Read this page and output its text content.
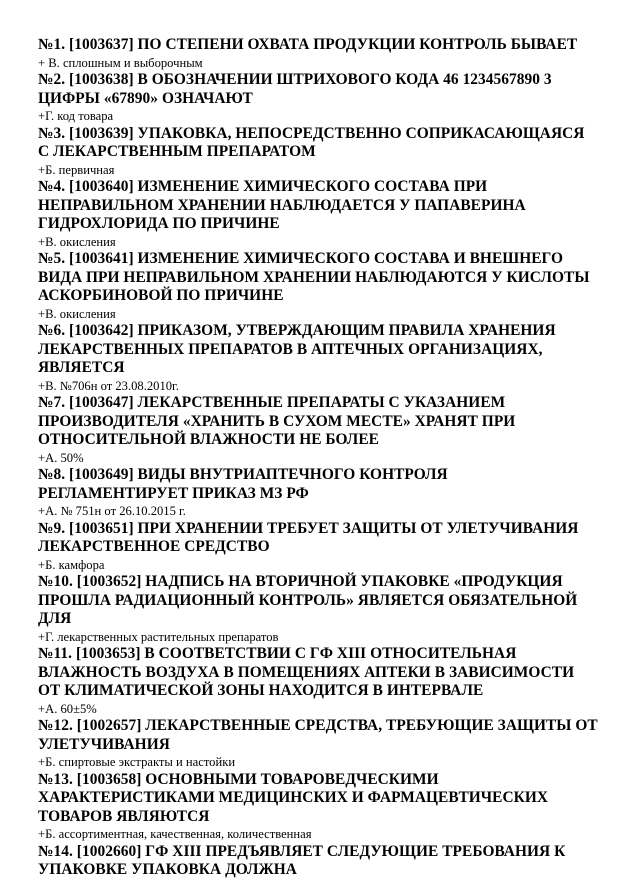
№1. [1003637] ПО СТЕПЕНИ ОХВАТА ПРОДУКЦИИ КОНТРОЛЬ БЫВАЕТ
+ В. сплошным и выборочным
№2. [1003638] В ОБОЗНАЧЕНИИ ШТРИХОВОГО КОДА 46 1234567890 3 ЦИФРЫ «67890» ОЗНАЧАЮТ
+Г. код товара
№3. [1003639] УПАКОВКА, НЕПОСРЕДСТВЕННО СОПРИКАСАЮЩАЯСЯ С ЛЕКАРСТВЕННЫМ ПРЕПАРАТОМ
+Б. первичная
№4. [1003640] ИЗМЕНЕНИЕ ХИМИЧЕСКОГО СОСТАВА ПРИ НЕПРАВИЛЬНОМ ХРАНЕНИИ НАБЛЮДАЕТСЯ У ПАПАВЕРИНА ГИДРОХЛОРИДА ПО ПРИЧИНЕ
+В. окисления
№5. [1003641] ИЗМЕНЕНИЕ ХИМИЧЕСКОГО СОСТАВА И ВНЕШНЕГО ВИДА ПРИ НЕПРАВИЛЬНОМ ХРАНЕНИИ НАБЛЮДАЮТСЯ У КИСЛОТЫ АСКОРБИНОВОЙ ПО ПРИЧИНЕ
+В. окисления
№6. [1003642] ПРИКАЗОМ, УТВЕРЖДАЮЩИМ ПРАВИЛА ХРАНЕНИЯ ЛЕКАРСТВЕННЫХ ПРЕПАРАТОВ В АПТЕЧНЫХ ОРГАНИЗАЦИЯХ, ЯВЛЯЕТСЯ
+В. №706н от 23.08.2010г.
№7. [1003647] ЛЕКАРСТВЕННЫЕ ПРЕПАРАТЫ С УКАЗАНИЕМ ПРОИЗВОДИТЕЛЯ «ХРАНИТЬ В СУХОМ МЕСТЕ» ХРАНЯТ ПРИ ОТНОСИТЕЛЬНОЙ ВЛАЖНОСТИ НЕ БОЛЕЕ
+А. 50%
№8. [1003649] ВИДЫ ВНУТРИАПТЕЧНОГО КОНТРОЛЯ РЕГЛАМЕНТИРУЕТ ПРИКАЗ МЗ РФ
+А. № 751н от 26.10.2015 г.
№9. [1003651] ПРИ ХРАНЕНИИ ТРЕБУЕТ ЗАЩИТЫ ОТ УЛЕТУЧИВАНИЯ ЛЕКАРСТВЕННОЕ СРЕДСТВО
+Б. камфора
№10. [1003652] НАДПИСЬ НА ВТОРИЧНОЙ УПАКОВКЕ «ПРОДУКЦИЯ ПРОШЛА РАДИАЦИОННЫЙ КОНТРОЛЬ» ЯВЛЯЕТСЯ ОБЯЗАТЕЛЬНОЙ ДЛЯ
+Г. лекарственных растительных препаратов
№11. [1003653] В СООТВЕТСТВИИ С ГФ XIII ОТНОСИТЕЛЬНАЯ ВЛАЖНОСТЬ ВОЗДУХА В ПОМЕЩЕНИЯХ АПТЕКИ В ЗАВИСИМОСТИ ОТ КЛИМАТИЧЕСКОЙ ЗОНЫ НАХОДИТСЯ В ИНТЕРВАЛЕ
+А. 60±5%
№12. [1002657] ЛЕКАРСТВЕННЫЕ СРЕДСТВА, ТРЕБУЮЩИЕ ЗАЩИТЫ ОТ УЛЕТУЧИВАНИЯ
+Б. спиртовые экстракты и настойки
№13. [1003658] ОСНОВНЫМИ ТОВАРОВЕДЧЕСКИМИ ХАРАКТЕРИСТИКАМИ МЕДИЦИНСКИХ И ФАРМАЦЕВТИЧЕСКИХ ТОВАРОВ ЯВЛЯЮТСЯ
+Б. ассортиментная, качественная, количественная
№14. [1002660] ГФ XIII ПРЕДЪЯВЛЯЕТ СЛЕДУЮЩИЕ ТРЕБОВАНИЯ К УПАКОВКЕ УПАКОВКА ДОЛЖНА
